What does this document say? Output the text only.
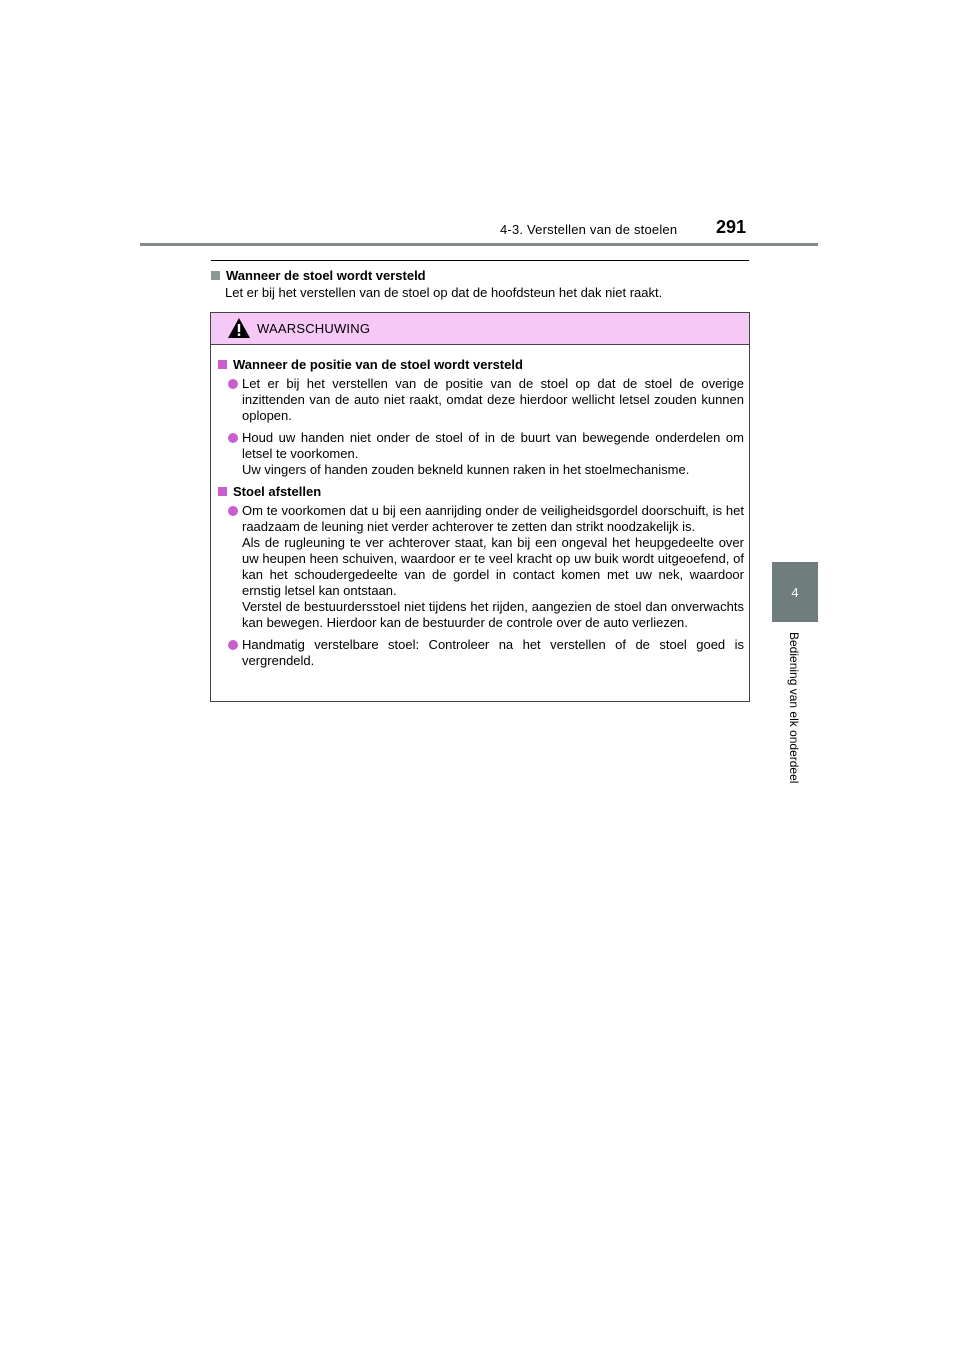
4-3. Verstellen van de stoelen 291
4
Bediening van elk onderdeel
Wanneer de stoel wordt versteld
Let er bij het verstellen van de stoel op dat de hoofdsteun het dak niet raakt.
WAARSCHUWING
Wanneer de positie van de stoel wordt versteld
Let er bij het verstellen van de positie van de stoel op dat de stoel de overige inzittenden van de auto niet raakt, omdat deze hierdoor wellicht letsel zouden kunnen oplopen.
Houd uw handen niet onder de stoel of in de buurt van bewegende onderdelen om letsel te voorkomen.
Uw vingers of handen zouden bekneld kunnen raken in het stoelmechanisme.
Stoel afstellen
Om te voorkomen dat u bij een aanrijding onder de veiligheidsgordel doorschuift, is het raadzaam de leuning niet verder achterover te zetten dan strikt noodzakelijk is.
Als de rugleuning te ver achterover staat, kan bij een ongeval het heupgedeelte over uw heupen heen schuiven, waardoor er te veel kracht op uw buik wordt uitgeoefend, of kan het schoudergedeelte van de gordel in contact komen met uw nek, waardoor ernstig letsel kan ontstaan.
Verstel de bestuurdersstoel niet tijdens het rijden, aangezien de stoel dan onverwachts kan bewegen. Hierdoor kan de bestuurder de controle over de auto verliezen.
Handmatig verstelbare stoel: Controleer na het verstellen of de stoel goed is vergrendeld.
